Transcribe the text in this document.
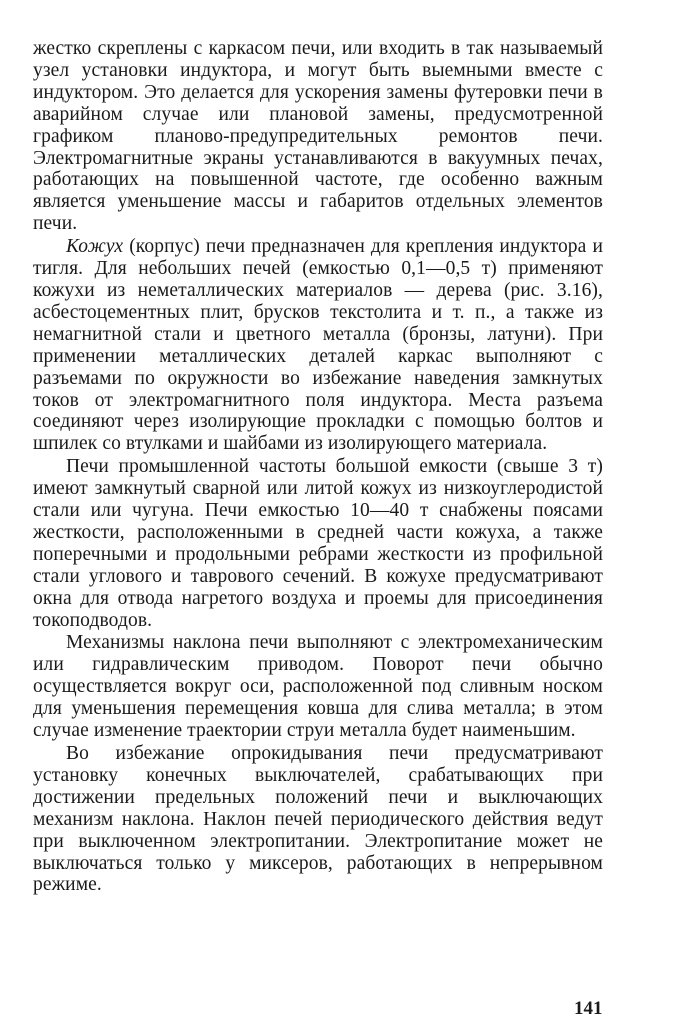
жестко скреплены с каркасом печи, или входить в так называемый узел установки индуктора, и могут быть выемными вместе с индуктором. Это делается для ускорения замены футеровки печи в аварийном случае или плановой замены, предусмотренной графиком планово-предупредительных ремонтов печи. Электромагнитные экраны устанавливаются в вакуумных печах, работающих на повышенной частоте, где особенно важным является уменьшение массы и габаритов отдельных элементов печи.

Кожух (корпус) печи предназначен для крепления индуктора и тигля. Для небольших печей (емкостью 0,1—0,5 т) применяют кожухи из неметаллических материалов — дерева (рис. 3.16), асбестоцементных плит, брусков текстолита и т. п., а также из немагнитной стали и цветного металла (бронзы, латуни). При применении металлических деталей каркас выполняют с разъемами по окружности во избежание наведения замкнутых токов от электромагнитного поля индуктора. Места разъема соединяют через изолирующие прокладки с помощью болтов и шпилек со втулками и шайбами из изолирующего материала.

Печи промышленной частоты большой емкости (свыше 3 т) имеют замкнутый сварной или литой кожух из низкоуглеродистой стали или чугуна. Печи емкостью 10—40 т снабжены поясами жесткости, расположенными в средней части кожуха, а также поперечными и продольными ребрами жесткости из профильной стали углового и таврового сечений. В кожухе предусматривают окна для отвода нагретого воздуха и проемы для присоединения токоподводов.

Механизмы наклона печи выполняют с электромеханическим или гидравлическим приводом. Поворот печи обычно осуществляется вокруг оси, расположенной под сливным носком для уменьшения перемещения ковша для слива металла; в этом случае изменение траектории струи металла будет наименьшим.

Во избежание опрокидывания печи предусматривают установку конечных выключателей, срабатывающих при достижении предельных положений печи и выключающих механизм наклона. Наклон печей периодического действия ведут при выключенном электропитании. Электропитание может не выключаться только у миксеров, работающих в непрерывном режиме.

141
